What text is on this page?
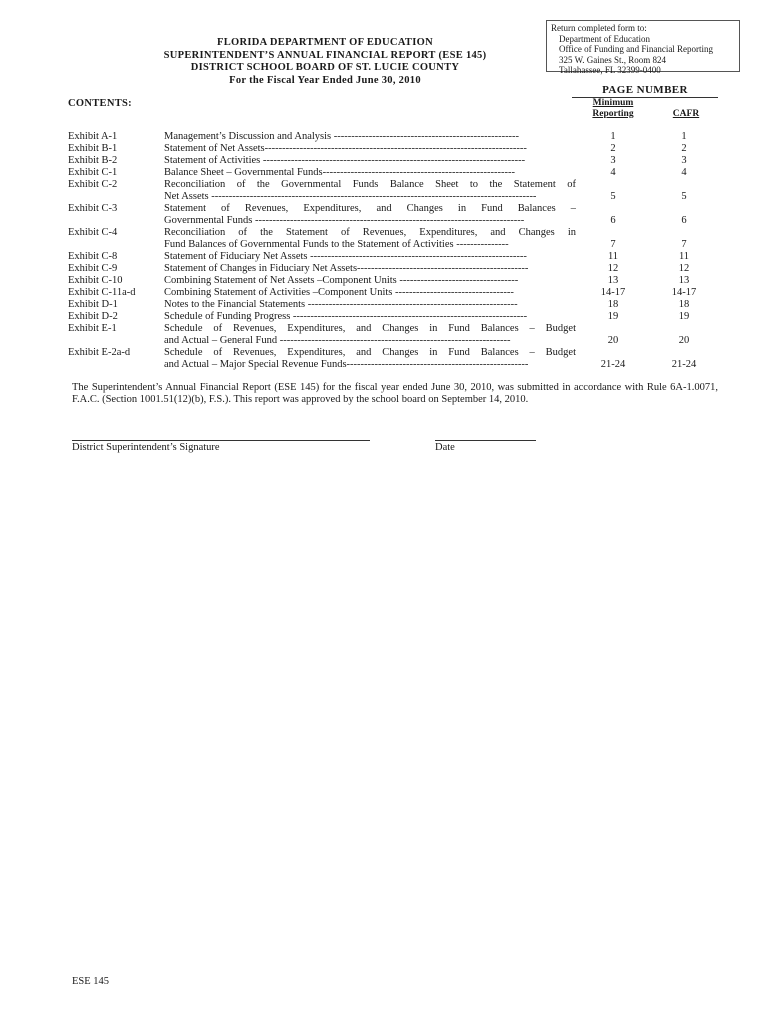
Return completed form to:
Department of Education
Office of Funding and Financial Reporting
325 W. Gaines St., Room 824
Tallahassee, FL 32399-0400
FLORIDA DEPARTMENT OF EDUCATION
SUPERINTENDENT’S ANNUAL FINANCIAL REPORT (ESE 145)
DISTRICT SCHOOL BOARD OF ST. LUCIE COUNTY
For the Fiscal Year Ended June 30, 2010
PAGE NUMBER
Minimum
Reporting	CAFR
CONTENTS:
Exhibit A-1	Management’s Discussion and Analysis -----------------------------------------------------	1	1
Exhibit B-1	Statement of Net Assets---------------------------------------------------------------------------	2	2
Exhibit B-2	Statement of Activities ---------------------------------------------------------------------------	3	3
Exhibit C-1	Balance Sheet – Governmental Funds-------------------------------------------------------	4	4
Exhibit C-2	Reconciliation of the Governmental Funds Balance Sheet to the Statement of
Net Assets ---------------------------------------------------------------------------------------------	5	5
Exhibit C-3	Statement of Revenues, Expenditures, and Changes in Fund Balances –
Governmental Funds -----------------------------------------------------------------------------	6	6
Exhibit C-4	Reconciliation of the Statement of Revenues, Expenditures, and Changes in
Fund Balances of Governmental Funds to the Statement of Activities ---------------	7	7
Exhibit C-8	Statement of Fiduciary Net Assets --------------------------------------------------------------	11	11
Exhibit C-9	Statement of Changes in Fiduciary Net Assets-------------------------------------------------	12	12
Exhibit C-10	Combining Statement of Net Assets –Component Units ----------------------------------	13	13
Exhibit C-11a-d	Combining Statement of Activities –Component Units ----------------------------------	14-17	14-17
Exhibit D-1	Notes to the Financial Statements ------------------------------------------------------------	18	18
Exhibit D-2	Schedule of Funding Progress -------------------------------------------------------------------	19	19
Exhibit E-1	Schedule of Revenues, Expenditures, and Changes in Fund Balances – Budget
and Actual – General Fund ------------------------------------------------------------------	20	20
Exhibit E-2a-d	Schedule of Revenues, Expenditures, and Changes in Fund Balances – Budget
and Actual – Major Special Revenue Funds----------------------------------------------------	21-24	21-24
The Superintendent’s Annual Financial Report (ESE 145) for the fiscal year ended June 30, 2010, was submitted in accordance with Rule 6A-1.0071, F.A.C. (Section 1001.51(12)(b), F.S.). This report was approved by the school board on September 14, 2010.
District Superintendent’s Signature	Date
ESE 145
